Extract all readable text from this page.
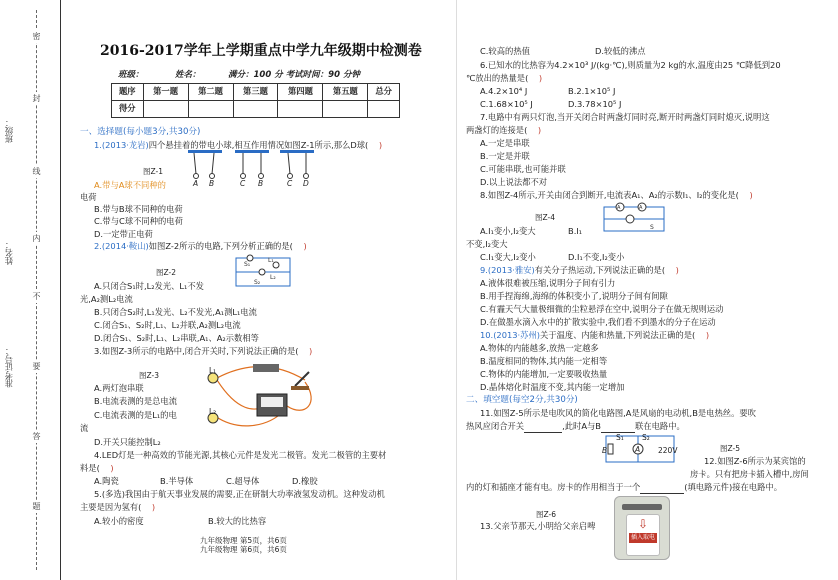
班级：
姓名：
准考证号：
密
封
线
内
不
要
答
题
2016-2017学年上学期重点中学九年级期中检测卷
班级：	姓名：	满分：100 分 考试时间：90 分钟
题序	第一题	第二题	第三题	第四题	第五题	总分
得分						
一、选择题(每小题3分,共30分)
1.(2013·龙岩)四个悬挂着的带电小球,相互作用情况如图Z-1所示,那么D球( )
A B	C B	C D
图Z-1
A.带与A球不同种的
电荷
B.带与B球不同种的电荷
C.带与C球不同种的电荷
D.一定带正电荷
2.(2014·鞍山)如图Z-2所示的电路,下列分析正确的是( )
S₁
L₁
L₂
S₂
图Z-2
A.只闭合S₁时,L₂发光、L₁不发
光,A₂测L₂电流
B.只闭合S₂时,L₁发光、L₂不发光,A₁测L₁电流
C.闭合S₁、S₂时,L₁、L₂并联,A₂测L₂电流
D.闭合S₁、S₂时,L₁、L₂串联,A₁、A₂示数相等
3.如图Z-3所示的电路中,闭合开关时,下列说法正确的是( )
图Z-3
L₁
L₂
A.两灯泡串联
B.电流表测的是总电流
C.电流表测的是L₁的电
流
D.开关只能控制L₂
4.LED灯是一种高效的节能光源,其核心元件是发光二极管。发光二极管的主要材
料是( )
A.陶瓷	B.半导体	C.超导体	D.橡胶
5.(多选)我国由于航天事业发展的需要,正在研制大功率液氢发动机。这种发动机
主要是因为氢有( )
A.较小的密度	B.较大的比热容
九年级物理 第5页，共6页
九年级物理 第6页，共6页
C.较高的热值	D.较低的沸点
6.已知水的比热容为4.2×10³ J/(kg·℃),则质量为2 kg的水,温度由25 ℃降低到20
℃放出的热量是( )
A.4.2×10⁴ J	B.2.1×10⁵ J
C.1.68×10⁵ J	D.3.78×10⁵ J
7.电路中有两只灯泡,当开关闭合时两盏灯同时亮,断开时两盏灯同时熄灭,说明这
两盏灯的连接是( )
A.一定是串联
B.一定是并联
C.可能串联,也可能并联
D.以上说法都不对
8.如图Z-4所示,开关由闭合到断开,电流表A₁、A₂的示数I₁、I₂的变化是( )
A	A
S
图Z-4
A.I₁变小,I₂变大	B.I₁
不变,I₂变大
C.I₁变大,I₂变小	D.I₁不变,I₂变小
9.(2013·雅安)有关分子热运动,下列说法正确的是( )
A.液体很难被压缩,说明分子间有引力
B.用手捏海绵,海绵的体积变小了,说明分子间有间隙
C.有霾天气大量极细微的尘粒悬浮在空中,说明分子在做无规则运动
D.在做墨水滴入水中的扩散实验中,我们看不到墨水的分子在运动
10.(2013·苏州)关于温度、内能和热量,下列说法正确的是( )
A.物体的内能越多,放热一定越多
B.温度相同的物体,其内能一定相等
C.物体的内能增加,一定要吸收热量
D.晶体熔化时温度不变,其内能一定增加
二、填空题(每空2分,共30分)
11.如图Z-5所示是电吹风的简化电路图,A是风扇的电动机,B是电热丝。要吹
热风应闭合开关	,此时A与B	联在电路中。
S₁ S₂
220V
B	A	图Z-5
12.如图Z-6所示为某宾馆的
房卡。只有把房卡插入槽中,房间
内的灯和插座才能有电。房卡的作用相当于一个	(填电路元件)接在电路中。
图Z-6
13.父亲节那天,小明给父亲启啤	⇩
插入取电
